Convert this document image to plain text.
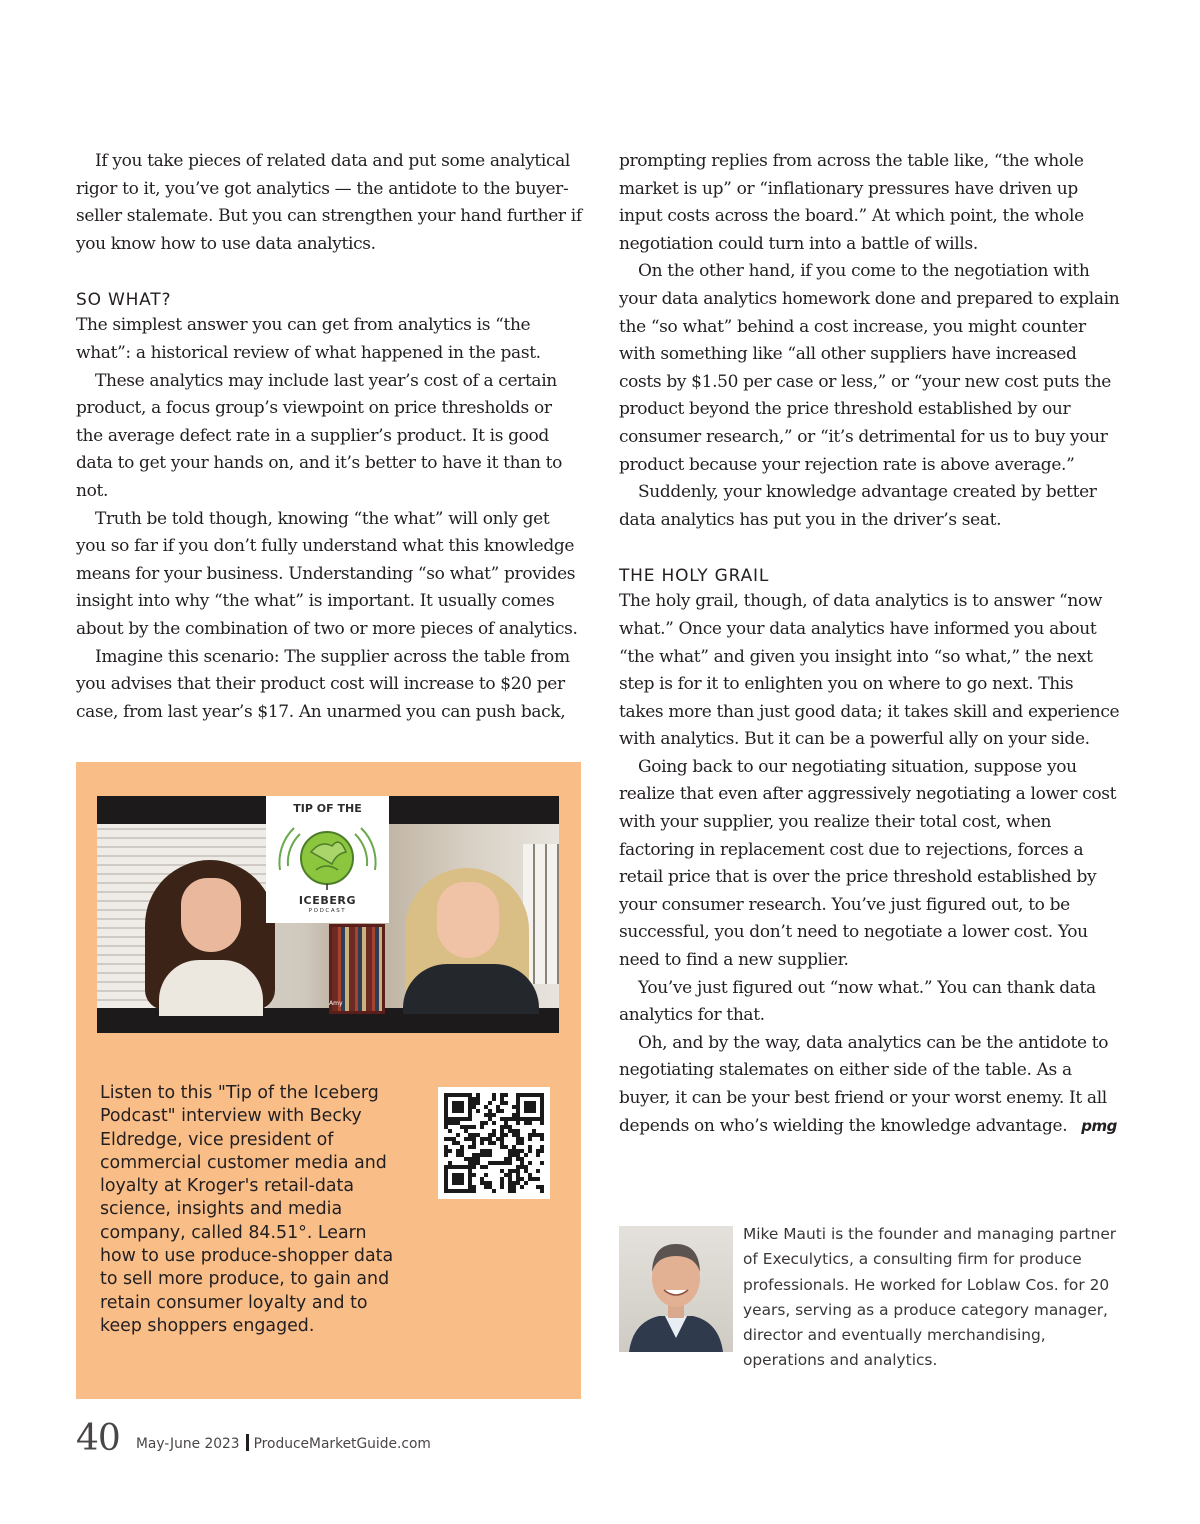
If you take pieces of related data and put some analytical rigor to it, you’ve got analytics — the antidote to the buyer-seller stalemate. But you can strengthen your hand further if you know how to use data analytics.

SO WHAT?

The simplest answer you can get from analytics is “the what”: a historical review of what happened in the past.

These analytics may include last year’s cost of a certain product, a focus group’s viewpoint on price thresholds or the average defect rate in a supplier’s product. It is good data to get your hands on, and it’s better to have it than to not.

Truth be told though, knowing “the what” will only get you so far if you don’t fully understand what this knowledge means for your business. Understanding “so what” provides insight into why “the what” is important. It usually comes about by the combination of two or more pieces of analytics.

Imagine this scenario: The supplier across the table from you advises that their product cost will increase to $20 per case, from last year’s $17. An unarmed you can push back,

prompting replies from across the table like, “the whole market is up” or “inflationary pressures have driven up input costs across the board.” At which point, the whole negotiation could turn into a battle of wills.

On the other hand, if you come to the negotiation with your data analytics homework done and prepared to explain the “so what” behind a cost increase, you might counter with something like “all other suppliers have increased costs by $1.50 per case or less,” or “your new cost puts the product beyond the price threshold established by our consumer research,” or “it’s detrimental for us to buy your product because your rejection rate is above average.”

Suddenly, your knowledge advantage created by better data analytics has put you in the driver’s seat.

THE HOLY GRAIL

The holy grail, though, of data analytics is to answer “now what.” Once your data analytics have informed you about “the what” and given you insight into “so what,” the next step is for it to enlighten you on where to go next. This takes more than just good data; it takes skill and experience with analytics. But it can be a powerful ally on your side.

Going back to our negotiating situation, suppose you realize that even after aggressively negotiating a lower cost with your supplier, you realize their total cost, when factoring in replacement cost due to rejections, forces a retail price that is over the price threshold established by your consumer research. You’ve just figured out, to be successful, you don’t need to negotiate a lower cost. You need to find a new supplier.

You’ve just figured out “now what.” You can thank data analytics for that.

Oh, and by the way, data analytics can be the antidote to negotiating stalemates on either side of the table. As a buyer, it can be your best friend or your worst enemy. It all depends on who’s wielding the knowledge advantage. pmg

Amy
TIP OF THE
ICEBERG
PODCAST
Listen to this "Tip of the Iceberg Podcast" interview with Becky Eldredge, vice president of commercial customer media and loyalty at Kroger's retail-data science, insights and media company, called 84.51°. Learn how to use produce-shopper data to sell more produce, to gain and retain consumer loyalty and to keep shoppers engaged.
Mike Mauti is the founder and managing partner of Execulytics, a consulting firm for produce professionals. He worked for Loblaw Cos. for 20 years, serving as a produce category manager, director and eventually merchandising, operations and analytics.
40 May-June 2023 ProduceMarketGuide.com
